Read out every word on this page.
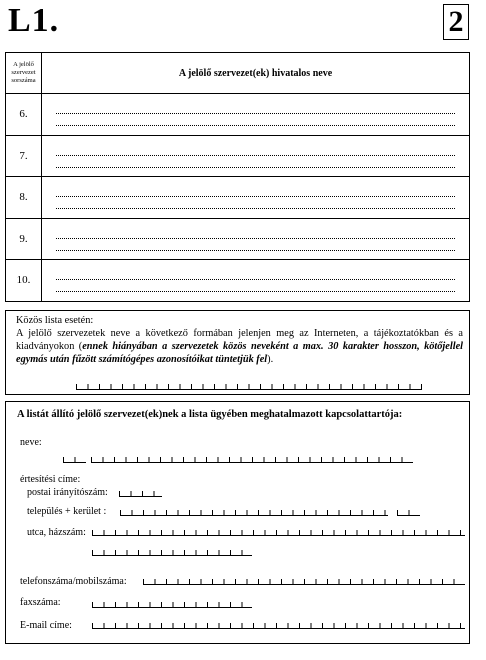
L1.	2
A jelölő szervezet sorszáma
A jelölő szervezet(ek) hivatalos neve
6.
7.
8.
9.
10.

Közös lista esetén:

A jelölő szervezetek neve a következő formában jelenjen meg az Interneten, a tájékoztatókban és a kiadványokon (ennek hiányában a szervezetek közös neveként a max. 30 karakter hosszon, kötőjellel egymás után fűzött számítógépes azonosítóikat tüntetjük fel).

A listát állító jelölő szervezet(ek)nek a lista ügyében meghatalmazott kapcsolattartója:
neve:
értesítési címe:
postai irányítószám:
település + kerület :
utca, házszám:
telefonszáma/mobilszáma:
faxszáma:
E-mail címe:
